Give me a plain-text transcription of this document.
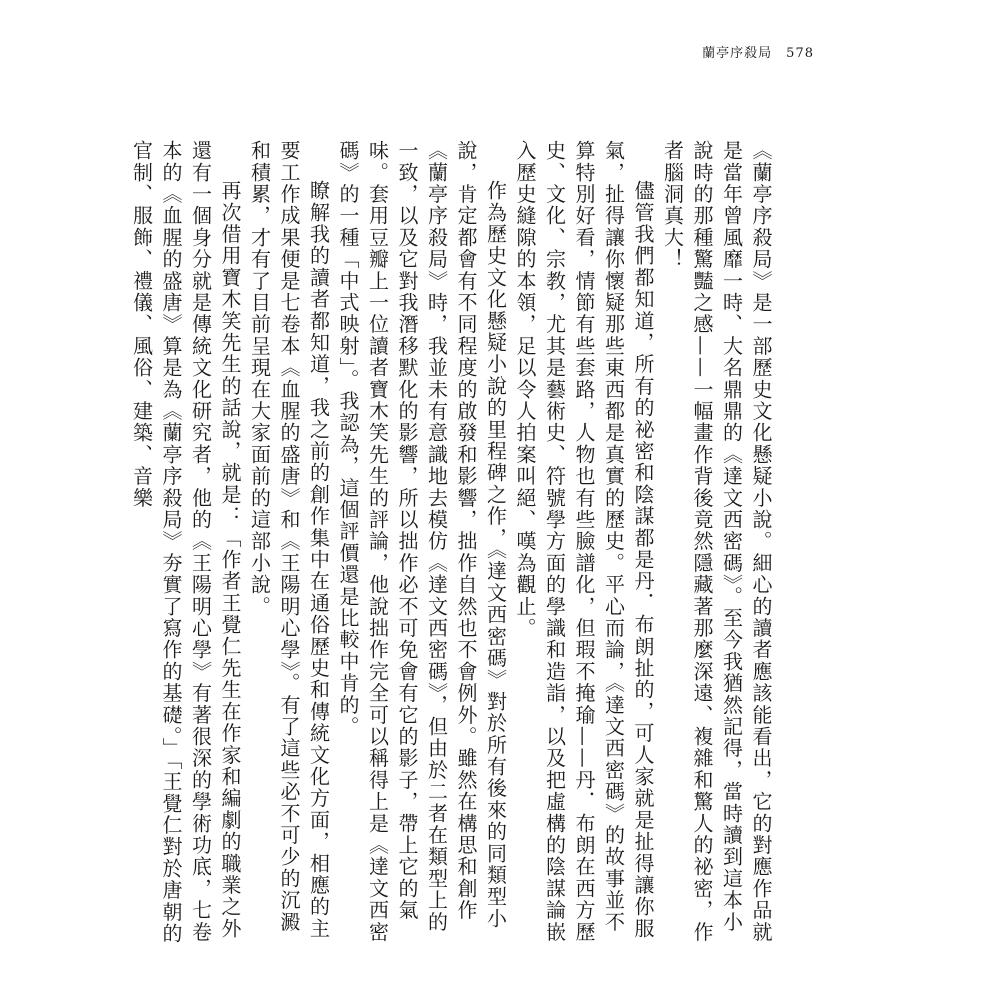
蘭亭序殺局 578

《蘭亭序殺局》是一部歷史文化懸疑小說。細心的讀者應該能看出，它的對應作品就是當年曾風靡一時、大名鼎鼎的《達文西密碼》。至今我猶然記得，當時讀到這本小說時的那種驚豔之感——一幅畫作背後竟然隱藏著那麼深遠、複雜和驚人的祕密，作者腦洞真大！

儘管我們都知道，所有的祕密和陰謀都是丹．布朗扯的，可人家就是扯得讓你服氣，扯得讓你懷疑那些東西都是真實的歷史。平心而論，《達文西密碼》的故事並不算特別好看，情節有些套路，人物也有些臉譜化，但瑕不掩瑜——丹．布朗在西方歷史、文化、宗教，尤其是藝術史、符號學方面的學識和造詣，以及把虛構的陰謀論嵌入歷史縫隙的本領，足以令人拍案叫絕、嘆為觀止。

作為歷史文化懸疑小說的里程碑之作，《達文西密碼》對於所有後來的同類型小說，肯定都會有不同程度的啟發和影響，拙作自然也不會例外。雖然在構思和創作《蘭亭序殺局》時，我並未有意識地去模仿《達文西密碼》，但由於二者在類型上的一致，以及它對我潛移默化的影響，所以拙作必不可免會有它的影子，帶上它的氣味。套用豆瓣上一位讀者寶木笑先生的評論，他說拙作完全可以稱得上是《達文西密碼》的一種「中式映射」。我認為，這個評價還是比較中肯的。

瞭解我的讀者都知道，我之前的創作集中在通俗歷史和傳統文化方面，相應的主要工作成果便是七卷本《血腥的盛唐》和《王陽明心學》。有了這些必不可少的沉澱和積累，才有了目前呈現在大家面前的這部小說。

再次借用寶木笑先生的話說，就是：「作者王覺仁先生在作家和編劇的職業之外還有一個身分就是傳統文化研究者，他的《王陽明心學》有著很深的學術功底，七卷本的《血腥的盛唐》算是為《蘭亭序殺局》夯實了寫作的基礎。」「王覺仁對於唐朝的官制、服飾、禮儀、風俗、建築、音樂
